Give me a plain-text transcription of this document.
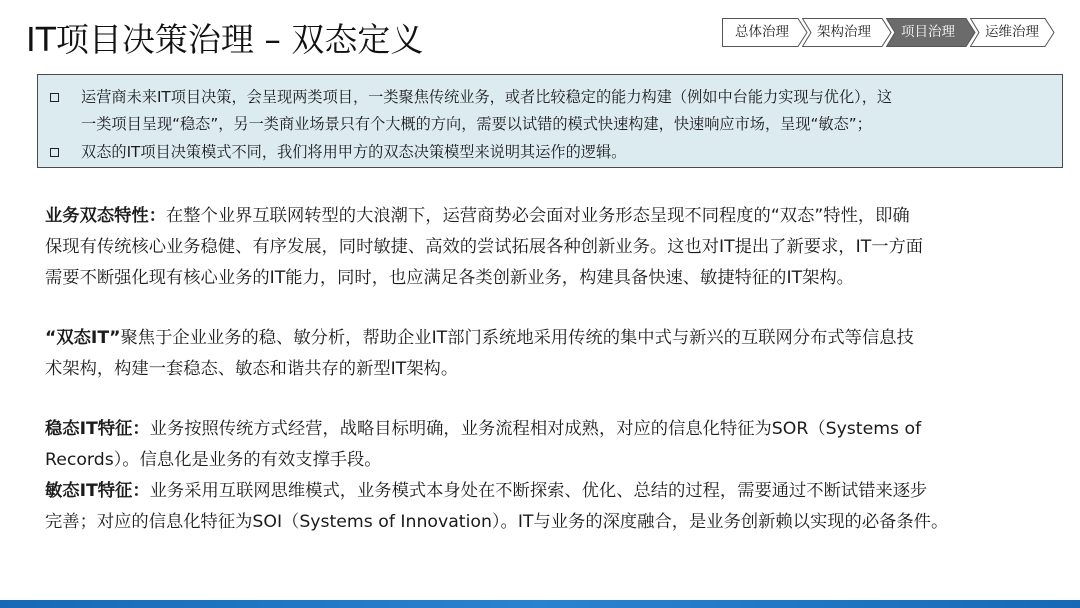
IT项目决策治理 – 双态定义	总体治理 架构治理 项目治理 运维治理
运营商未来IT项目决策，会呈现两类项目，一类聚焦传统业务，或者比较稳定的能力构建（例如中台能力实现与优化），这
一类项目呈现“稳态”，另一类商业场景只有个大概的方向，需要以试错的模式快速构建，快速响应市场，呈现“敏态”；
双态的IT项目决策模式不同，我们将用甲方的双态决策模型来说明其运作的逻辑。
业务双态特性：在整个业界互联网转型的大浪潮下，运营商势必会面对业务形态呈现不同程度的“双态”特性，即确
保现有传统核心业务稳健、有序发展，同时敏捷、高效的尝试拓展各种创新业务。这也对IT提出了新要求，IT一方面
需要不断强化现有核心业务的IT能力，同时，也应满足各类创新业务，构建具备快速、敏捷特征的IT架构。
“双态IT”聚焦于企业业务的稳、敏分析，帮助企业IT部门系统地采用传统的集中式与新兴的互联网分布式等信息技
术架构，构建一套稳态、敏态和谐共存的新型IT架构。
稳态IT特征：业务按照传统方式经营，战略目标明确，业务流程相对成熟，对应的信息化特征为SOR（Systems of
Records）。信息化是业务的有效支撑手段。
敏态IT特征：业务采用互联网思维模式，业务模式本身处在不断探索、优化、总结的过程，需要通过不断试错来逐步
完善；对应的信息化特征为SOI（Systems of Innovation）。IT与业务的深度融合，是业务创新赖以实现的必备条件。
